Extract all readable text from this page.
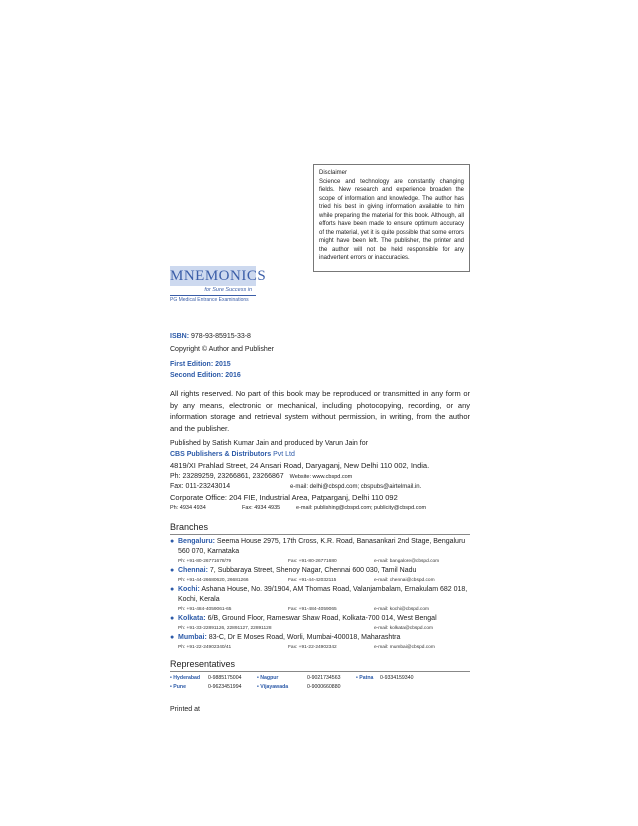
Disclaimer
Science and technology are constantly changing fields. New research and experience broaden the scope of information and knowledge. The author has tried his best in giving information available to him while preparing the material for this book. Although, all efforts have been made to ensure optimum accuracy of the material, yet it is quite possible that some errors might have been left. The publisher, the printer and the author will not be held responsible for any inadvertent errors or inaccuracies.
MNEMONICS
for Sure Success in
PG Medical Entrance Examinations
ISBN: 978-93-85915-33-8
Copyright © Author and Publisher
First Edition: 2015
Second Edition: 2016
All rights reserved. No part of this book may be reproduced or transmitted in any form or by any means, electronic or mechanical, including photocopying, recording, or any information storage and retrieval system without permission, in writing, from the author and the publisher.
Published by Satish Kumar Jain and produced by Varun Jain for
CBS Publishers & Distributors Pvt Ltd
4819/XI Prahlad Street, 24 Ansari Road, Daryaganj, New Delhi 110 002, India.
Ph: 23289259, 23266861, 23266867 Website: www.cbspd.com
Fax: 011-23243014	e-mail: delhi@cbspd.com; cbspubs@airtelmail.in.
Corporate Office: 204 FIE, Industrial Area, Patparganj, Delhi 110 092
Ph: 4934 4934	Fax: 4934 4935	e-mail: publishing@cbspd.com; publicity@cbspd.com
Branches
● Bengaluru: Seema House 2975, 17th Cross, K.R. Road, Banasankari 2nd Stage, Bengaluru 560 070, Karnataka
Ph: +91-80-26771678/79	Fax: +91-80-26771680	e-mail: bangalore@cbspd.com
● Chennai: 7, Subbaraya Street, Shenoy Nagar, Chennai 600 030, Tamil Nadu
Ph: +91-44-26680620, 26681266	Fax: +91-44-42032115	e-mail: chennai@cbspd.com
● Kochi: Ashana House, No. 39/1904, AM Thomas Road, Valanjambalam, Ernakulam 682 018, Kochi, Kerala
Ph: +91-484-4059061-65	Fax: +91-484-4059065	e-mail: kochi@cbspd.com
● Kolkata: 6/B, Ground Floor, Rameswar Shaw Road, Kolkata-700 014, West Bengal
Ph: +91-33-22891126, 22891127, 22891128	e-mail: kolkata@cbspd.com
● Mumbai: 83-C, Dr E Moses Road, Worli, Mumbai-400018, Maharashtra
Ph: +91-22-24902340/41	Fax: +91-22-24902342	e-mail: mumbai@cbspd.com
Representatives
• Hyderabad	0-9885175004	• Nagpur	0-9021734563	• Patna	0-9334159340
• Pune	0-9623451994	• Vijayawada	0-9000660880
Printed at
